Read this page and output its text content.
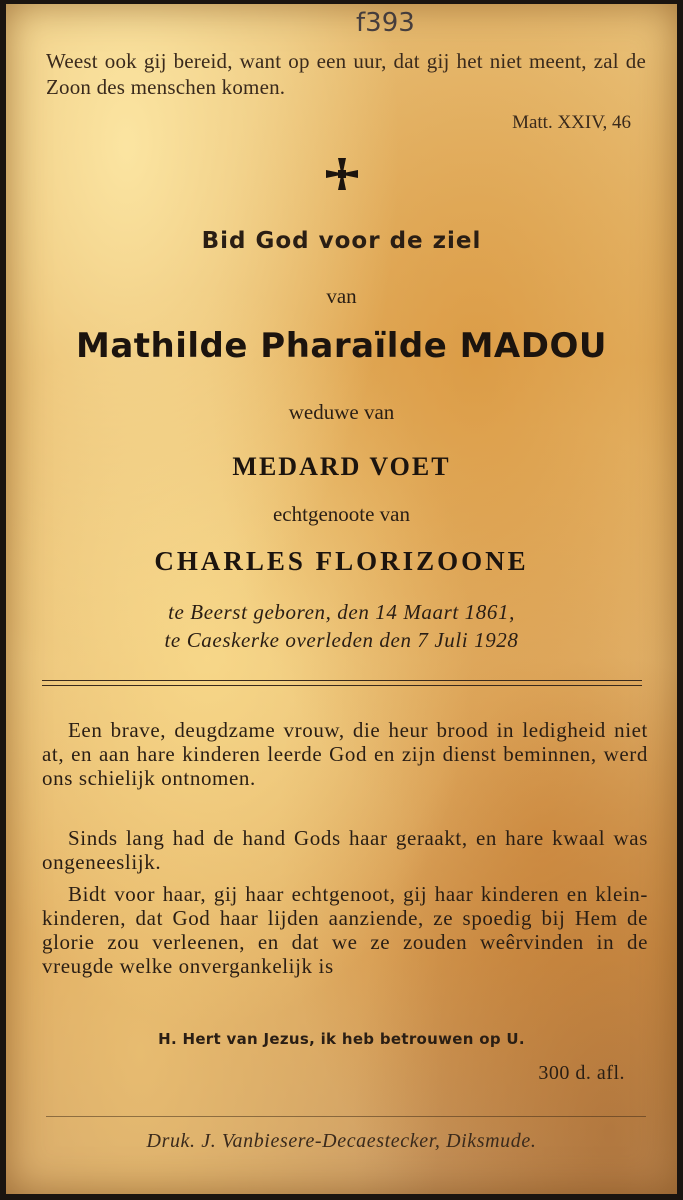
f393
Weest ook gij bereid, want op een uur, dat gij het niet meent, zal de Zoon des menschen komen.
Matt. XXIV, 46
Bid God voor de ziel
van
Mathilde Pharaïlde MADOU
weduwe van
MEDARD VOET
echtgenoote van
CHARLES FLORIZOONE
te Beerst geboren, den 14 Maart 1861,
te Caeskerke overleden den 7 Juli 1928
Een brave, deugdzame vrouw, die heur brood in ledigheid niet at, en aan hare kinderen leerde God en zijn dienst beminnen, werd ons schielijk ontnomen.
Sinds lang had de hand Gods haar geraakt, en hare kwaal was ongeneeslijk.
Bidt voor haar, gij haar echtgenoot, gij haar kinderen en klein-kinderen, dat God haar lijden aanziende, ze spoedig bij Hem de glorie zou verleenen, en dat we ze zouden weêrvinden in de vreugde welke onvergankelijk is
H. Hert van Jezus, ik heb betrouwen op U.
300 d. afl.
Druk. J. Vanbiesere-Decaestecker, Diksmude.
